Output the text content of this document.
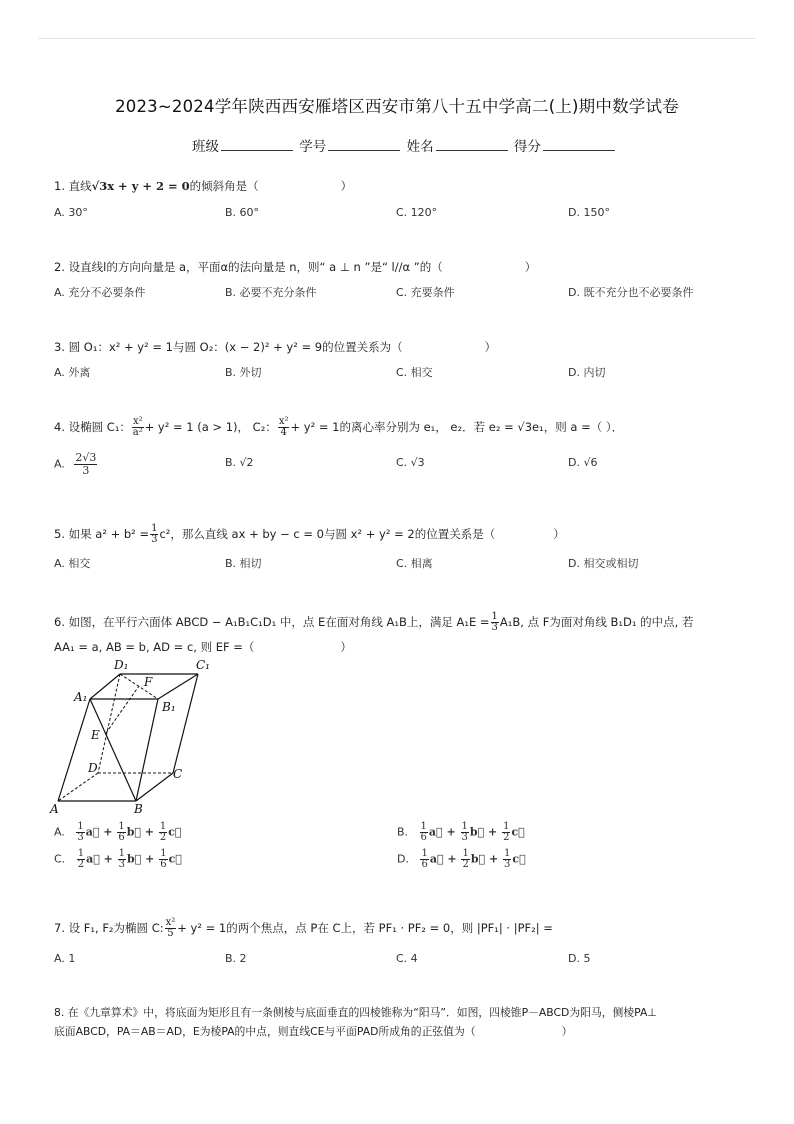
2023~2024学年陕西西安雁塔区西安市第八十五中学高二(上)期中数学试卷
班级	学号	姓名	得分
1. 直线√3x + y + 2 = 0的倾斜角是（	）
A. 30°	B. 60°	C. 120°	D. 150°
2. 设直线l的方向向量是 a，平面α的法向量是 n，则“ a ⊥ n ”是“ l//α ”的（	）
A. 充分不必要条件	B. 必要不充分条件	C. 充要条件	D. 既不充分也不必要条件
3. 圆 O₁：x² + y² = 1与圆 O₂：(x − 2)² + y² = 9的位置关系为（	）
A. 外离	B. 外切	C. 相交	D. 内切
4. 设椭圆 C₁： $\frac{\text{x²}}{\text{a²}} + y^2 = 1$ (a > 1)， C₂： $\frac{\text{x²}}{4} + y^2 = 1$的离心率分别为 e₁， e₂．若 e₂ = √3e₁，则 a =（ ）．
A. $\frac{2√3}{3}$	B. √2	C. √3	D. √6
5. 如果 $a^2 + b^2 = \frac{1}{3} c^2$，那么直线 ax + by − c = 0与圆 x² + y² = 2的位置关系是（	）
A. 相交	B. 相切	C. 相离	D. 相交或相切
6. 如图，在平行六面体 ABCD − A₁B₁C₁D₁ 中，点 E在面对角线 A₁B上，满足 $A_1E = \frac{1}{3} A_1B$, 点 F为面对角线 B₁D₁ 的中点, 若
AA₁ = a, AB = b, AD = c, 则 EF =（	）
D₁	C₁
A₁
F
B₁
E
D	C
A	B
A. $\frac{1}{3}$ a⃗ + $\frac{1}{6}$ b⃗ + $\frac{1}{2}$ c⃗	B. $\frac{1}{6}$ a⃗ + $\frac{1}{3}$ b⃗ + $\frac{1}{2}$ c⃗
C. $\frac{1}{2}$ a⃗ + $\frac{1}{3}$ b⃗ + $\frac{1}{6}$ c⃗	D. $\frac{1}{6}$ a⃗ + $\frac{1}{2}$ b⃗ + $\frac{1}{3}$ c⃗
7. 设 F₁, F₂为椭圆 C: $\frac{\text{x²}}{5} + y^2 = 1$的两个焦点，点 P在 C上，若 PF₁ · PF₂ = 0，则 |PF₁| · |PF₂| =
A. 1	B. 2	C. 4	D. 5
8. 在《九章算术》中，将底面为矩形且有一条侧棱与底面垂直的四棱锥称为“阳马”．如图，四棱锥P－ABCD为阳马，侧棱PA⊥
底面ABCD，PA＝AB＝AD，E为棱PA的中点，则直线CE与平面PAD所成角的正弦值为（	）
